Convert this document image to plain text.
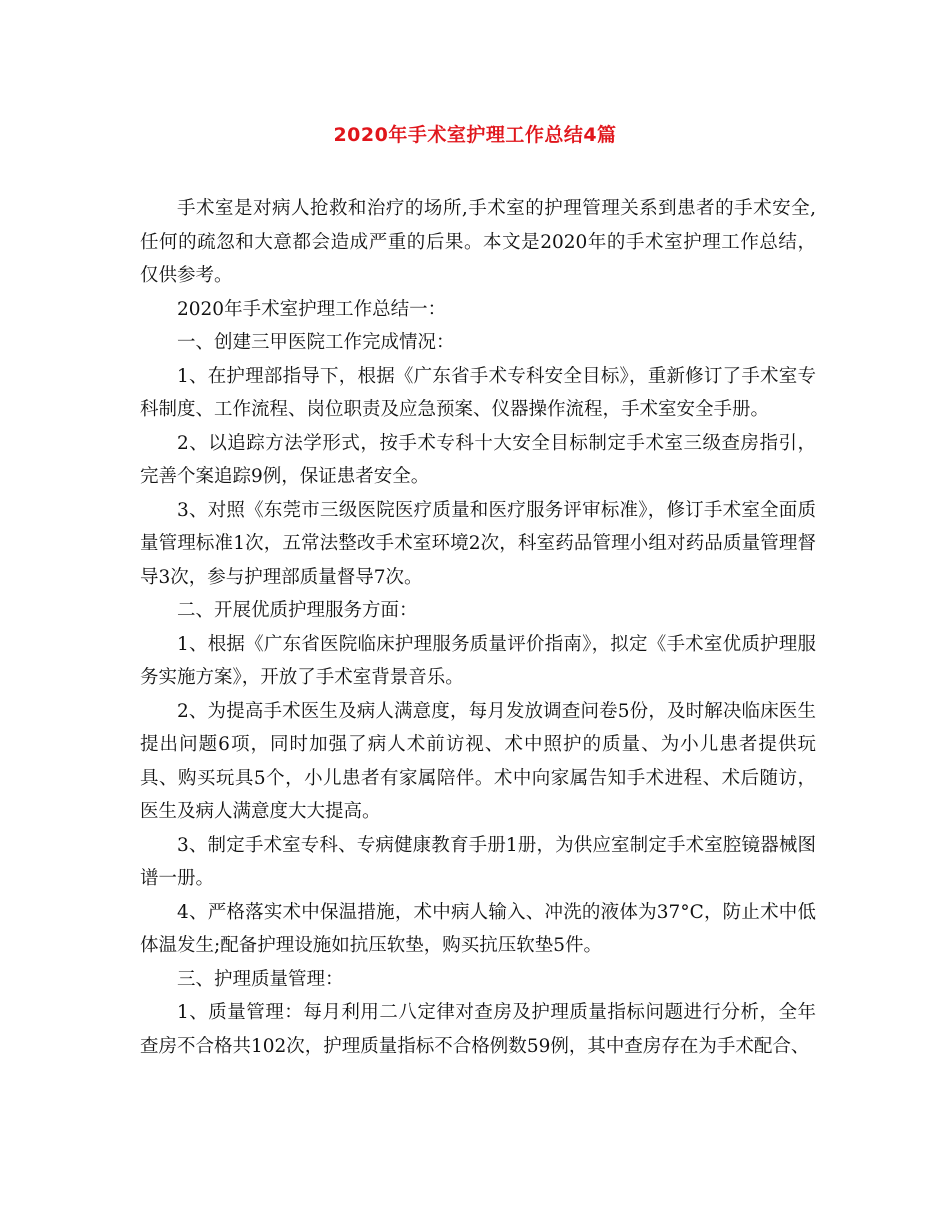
2020年手术室护理工作总结4篇

手术室是对病人抢救和治疗的场所,手术室的护理管理关系到患者的手术安全,任何的疏忽和大意都会造成严重的后果。本文是2020年的手术室护理工作总结，仅供参考。

2020年手术室护理工作总结一：

一、创建三甲医院工作完成情况：

1、在护理部指导下，根据《广东省手术专科安全目标》，重新修订了手术室专科制度、工作流程、岗位职责及应急预案、仪器操作流程，手术室安全手册。

2、以追踪方法学形式，按手术专科十大安全目标制定手术室三级查房指引，完善个案追踪9例，保证患者安全。

3、对照《东莞市三级医院医疗质量和医疗服务评审标准》，修订手术室全面质量管理标准1次，五常法整改手术室环境2次，科室药品管理小组对药品质量管理督导3次，参与护理部质量督导7次。

二、开展优质护理服务方面：

1、根据《广东省医院临床护理服务质量评价指南》，拟定《手术室优质护理服务实施方案》，开放了手术室背景音乐。

2、为提高手术医生及病人满意度，每月发放调查问卷5份，及时解决临床医生提出问题6项，同时加强了病人术前访视、术中照护的质量、为小儿患者提供玩具、购买玩具5个，小儿患者有家属陪伴。术中向家属告知手术进程、术后随访，医生及病人满意度大大提高。

3、制定手术室专科、专病健康教育手册1册，为供应室制定手术室腔镜器械图谱一册。

4、严格落实术中保温措施，术中病人输入、冲洗的液体为37°C，防止术中低体温发生;配备护理设施如抗压软垫，购买抗压软垫5件。

三、护理质量管理：

1、质量管理：每月利用二八定律对查房及护理质量指标问题进行分析，全年查房不合格共102次，护理质量指标不合格例数59例，其中查房存在为手术配合、
